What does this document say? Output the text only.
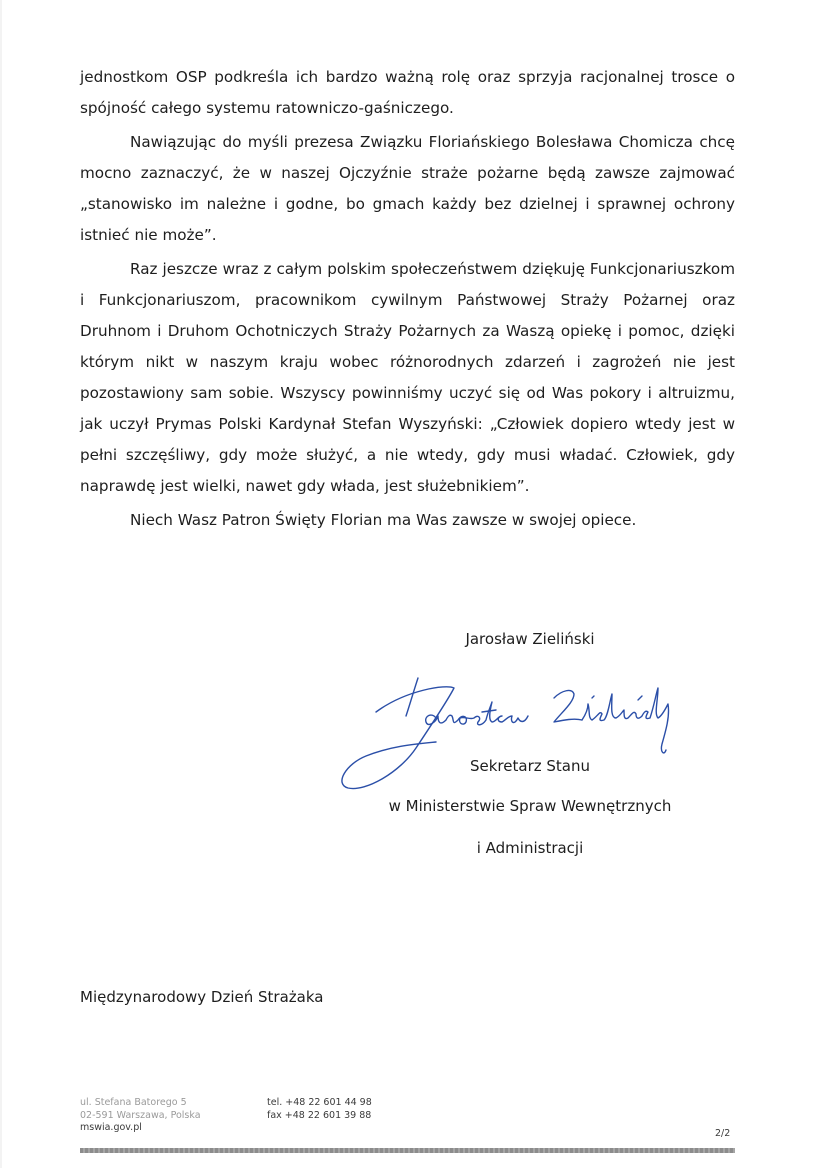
jednostkom OSP podkreśla ich bardzo ważną rolę oraz sprzyja racjonalnej trosce o spójność całego systemu ratowniczo-gaśniczego.

Nawiązując do myśli prezesa Związku Floriańskiego Bolesława Chomicza chcę mocno zaznaczyć, że w naszej Ojczyźnie straże pożarne będą zawsze zajmować „stanowisko im należne i godne, bo gmach każdy bez dzielnej i sprawnej ochrony istnieć nie może”.

Raz jeszcze wraz z całym polskim społeczeństwem dziękuję Funkcjonariuszkom i Funkcjonariuszom, pracownikom cywilnym Państwowej Straży Pożarnej oraz Druhnom i Druhom Ochotniczych Straży Pożarnych za Waszą opiekę i pomoc, dzięki którym nikt w naszym kraju wobec różnorodnych zdarzeń i zagrożeń nie jest pozostawiony sam sobie. Wszyscy powinniśmy uczyć się od Was pokory i altruizmu, jak uczył Prymas Polski Kardynał Stefan Wyszyński: „Człowiek dopiero wtedy jest w pełni szczęśliwy, gdy może służyć, a nie wtedy, gdy musi władać. Człowiek, gdy naprawdę jest wielki, nawet gdy włada, jest służebnikiem”.

Niech Wasz Patron Święty Florian ma Was zawsze w swojej opiece.

Jarosław Zieliński
Sekretarz Stanu
w Ministerstwie Spraw Wewnętrznych
i Administracji
Międzynarodowy Dzień Strażaka
ul. Stefana Batorego 5
02-591 Warszawa, Polska
mswia.gov.pl
tel. +48 22 601 44 98
fax +48 22 601 39 88
2/2
